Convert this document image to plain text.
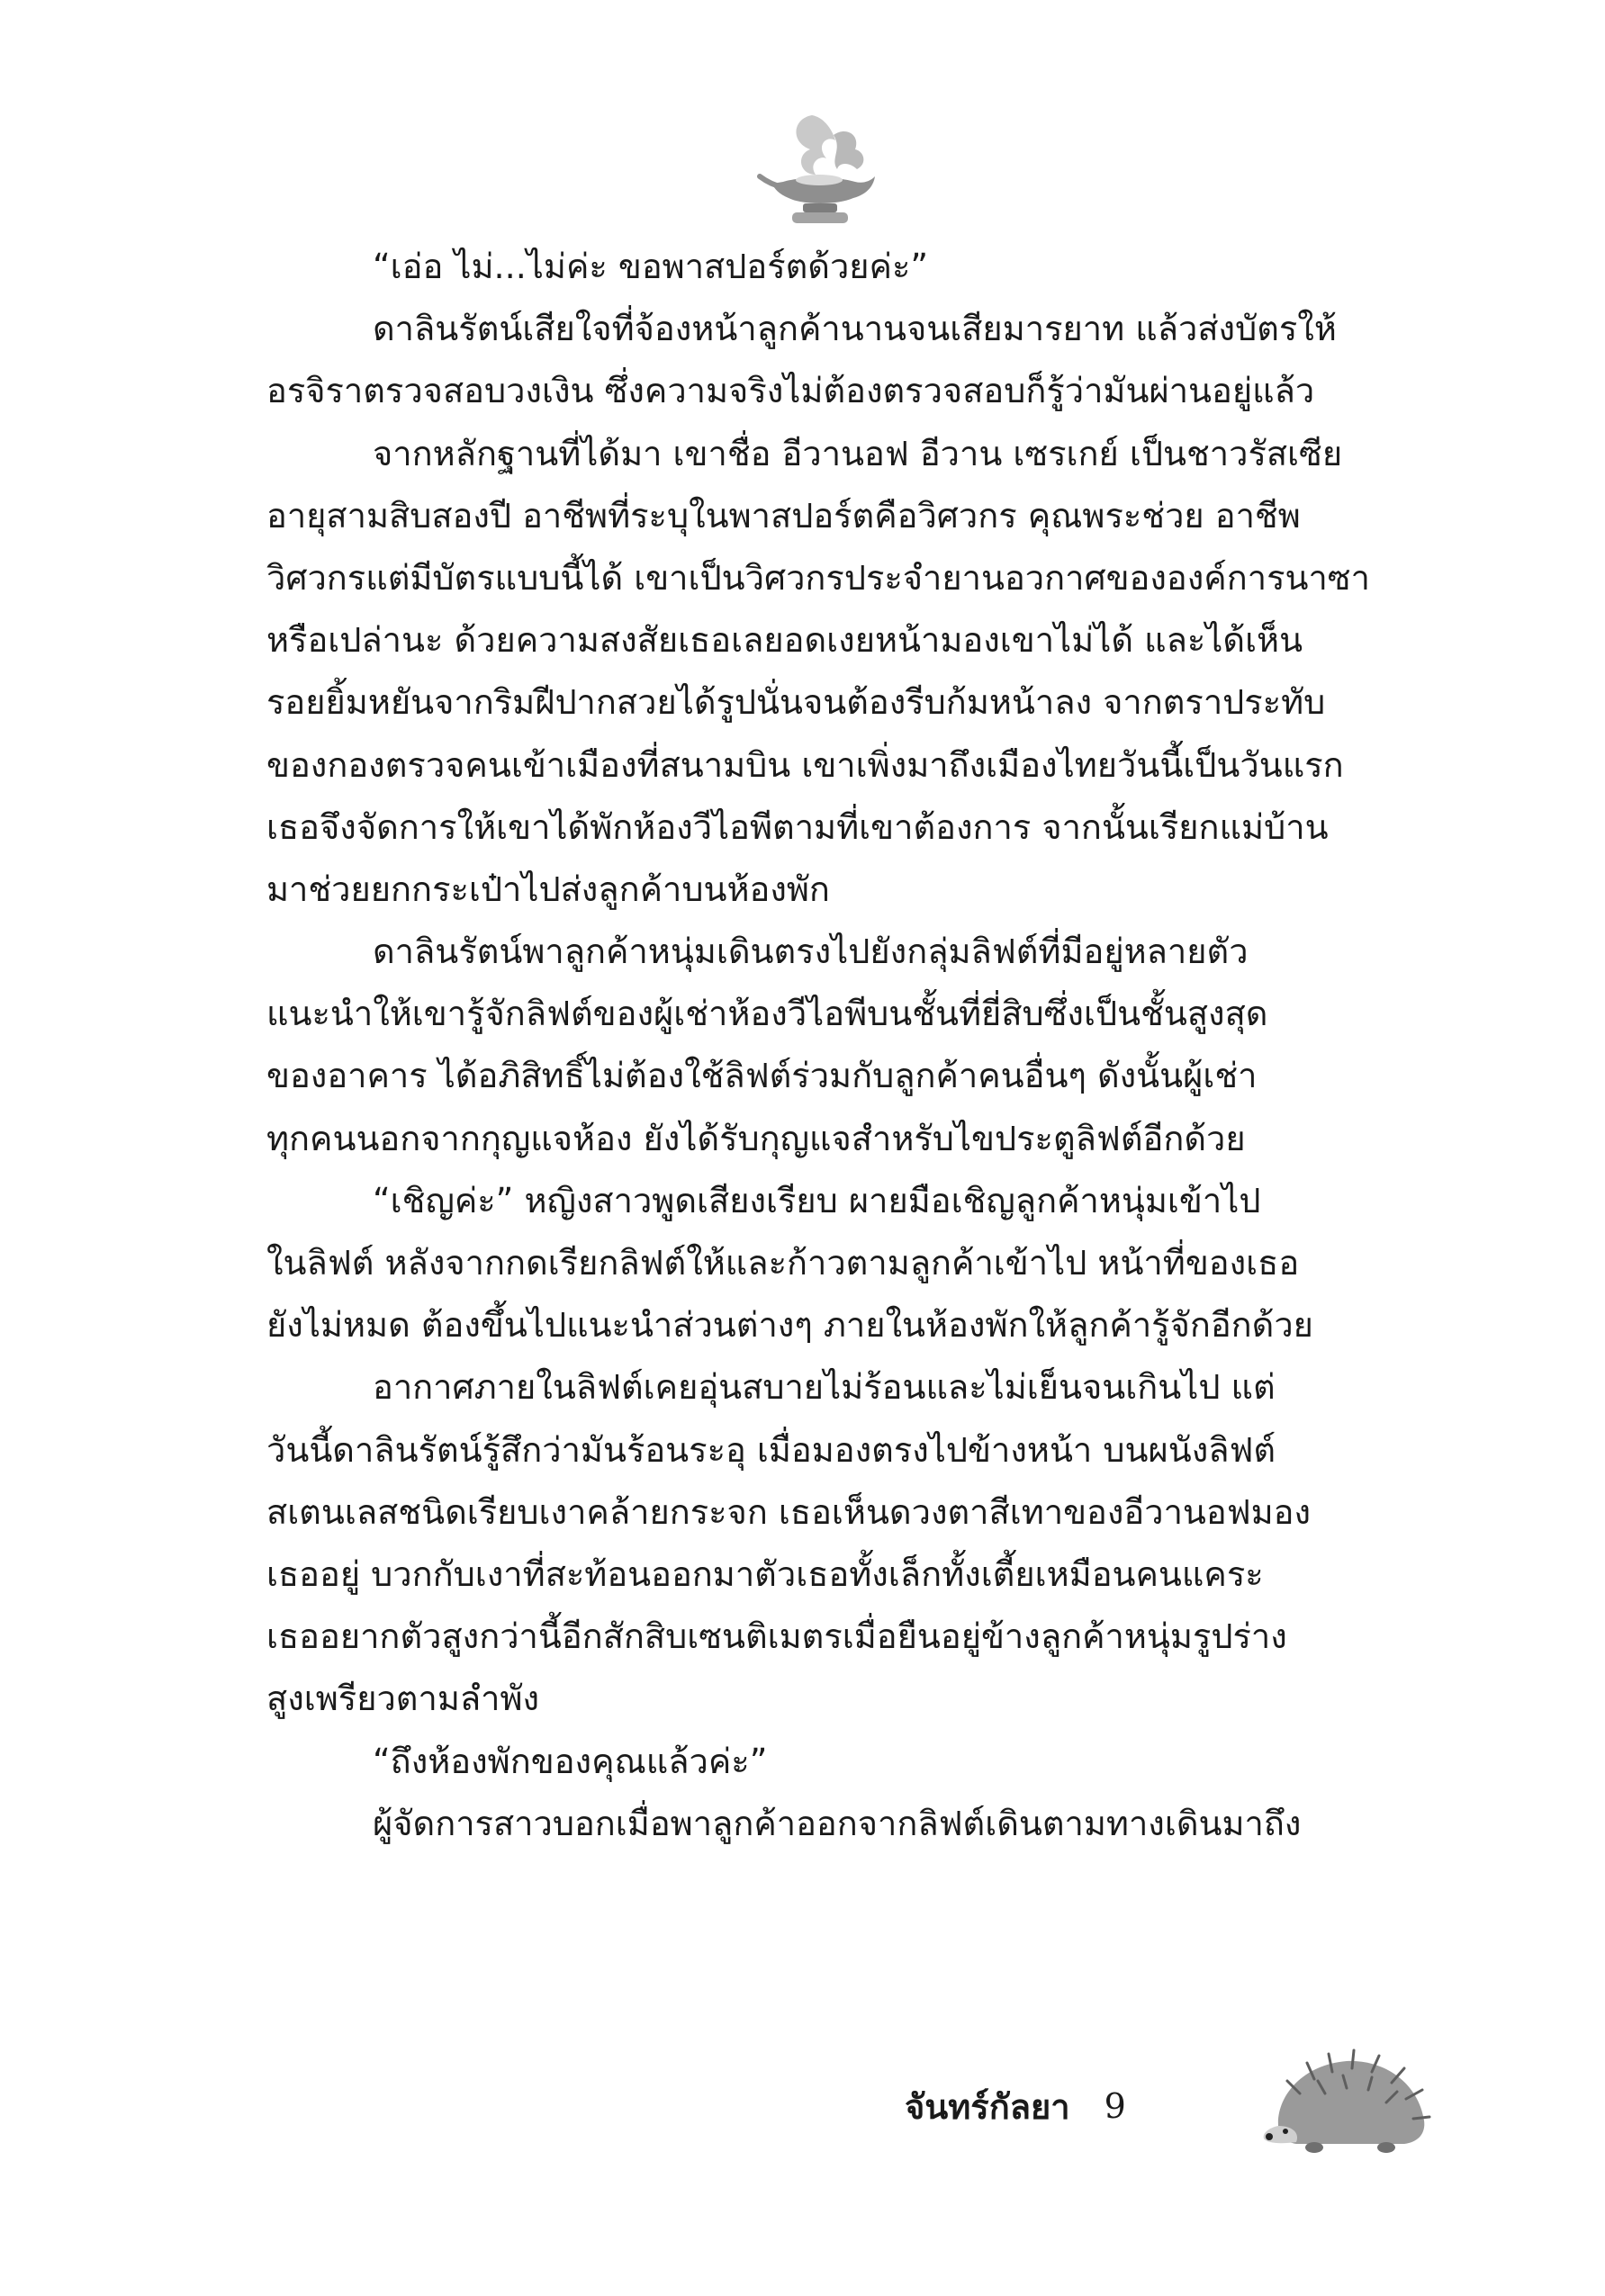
“เอ่อ ไม่...ไม่ค่ะ ขอพาสปอร์ตด้วยค่ะ”
ดาลินรัตน์เสียใจที่จ้องหน้าลูกค้านานจนเสียมารยาท แล้วส่งบัตรให้
อรจิราตรวจสอบวงเงิน ซึ่งความจริงไม่ต้องตรวจสอบก็รู้ว่ามันผ่านอยู่แล้ว
จากหลักฐานที่ได้มา เขาชื่อ อีวานอฟ อีวาน เซรเกย์ เป็นชาวรัสเซีย
อายุสามสิบสองปี อาชีพที่ระบุในพาสปอร์ตคือวิศวกร คุณพระช่วย อาชีพ
วิศวกรแต่มีบัตรแบบนี้ได้ เขาเป็นวิศวกรประจำยานอวกาศขององค์การนาซา
หรือเปล่านะ ด้วยความสงสัยเธอเลยอดเงยหน้ามองเขาไม่ได้ และได้เห็น
รอยยิ้มหยันจากริมฝีปากสวยได้รูปนั่นจนต้องรีบก้มหน้าลง จากตราประทับ
ของกองตรวจคนเข้าเมืองที่สนามบิน เขาเพิ่งมาถึงเมืองไทยวันนี้เป็นวันแรก
เธอจึงจัดการให้เขาได้พักห้องวีไอพีตามที่เขาต้องการ จากนั้นเรียกแม่บ้าน
มาช่วยยกกระเป๋าไปส่งลูกค้าบนห้องพัก
ดาลินรัตน์พาลูกค้าหนุ่มเดินตรงไปยังกลุ่มลิฟต์ที่มีอยู่หลายตัว
แนะนำให้เขารู้จักลิฟต์ของผู้เช่าห้องวีไอพีบนชั้นที่ยี่สิบซึ่งเป็นชั้นสูงสุด
ของอาคาร ได้อภิสิทธิ์ไม่ต้องใช้ลิฟต์ร่วมกับลูกค้าคนอื่นๆ ดังนั้นผู้เช่า
ทุกคนนอกจากกุญแจห้อง ยังได้รับกุญแจสำหรับไขประตูลิฟต์อีกด้วย
“เชิญค่ะ” หญิงสาวพูดเสียงเรียบ ผายมือเชิญลูกค้าหนุ่มเข้าไป
ในลิฟต์ หลังจากกดเรียกลิฟต์ให้และก้าวตามลูกค้าเข้าไป หน้าที่ของเธอ
ยังไม่หมด ต้องขึ้นไปแนะนำส่วนต่างๆ ภายในห้องพักให้ลูกค้ารู้จักอีกด้วย
อากาศภายในลิฟต์เคยอุ่นสบายไม่ร้อนและไม่เย็นจนเกินไป แต่
วันนี้ดาลินรัตน์รู้สึกว่ามันร้อนระอุ เมื่อมองตรงไปข้างหน้า บนผนังลิฟต์
สเตนเลสชนิดเรียบเงาคล้ายกระจก เธอเห็นดวงตาสีเทาของอีวานอฟมอง
เธออยู่ บวกกับเงาที่สะท้อนออกมาตัวเธอทั้งเล็กทั้งเตี้ยเหมือนคนแคระ
เธออยากตัวสูงกว่านี้อีกสักสิบเซนติเมตรเมื่อยืนอยู่ข้างลูกค้าหนุ่มรูปร่าง
สูงเพรียวตามลำพัง
“ถึงห้องพักของคุณแล้วค่ะ”
ผู้จัดการสาวบอกเมื่อพาลูกค้าออกจากลิฟต์เดินตามทางเดินมาถึง
จันทร์กัลยา 9
